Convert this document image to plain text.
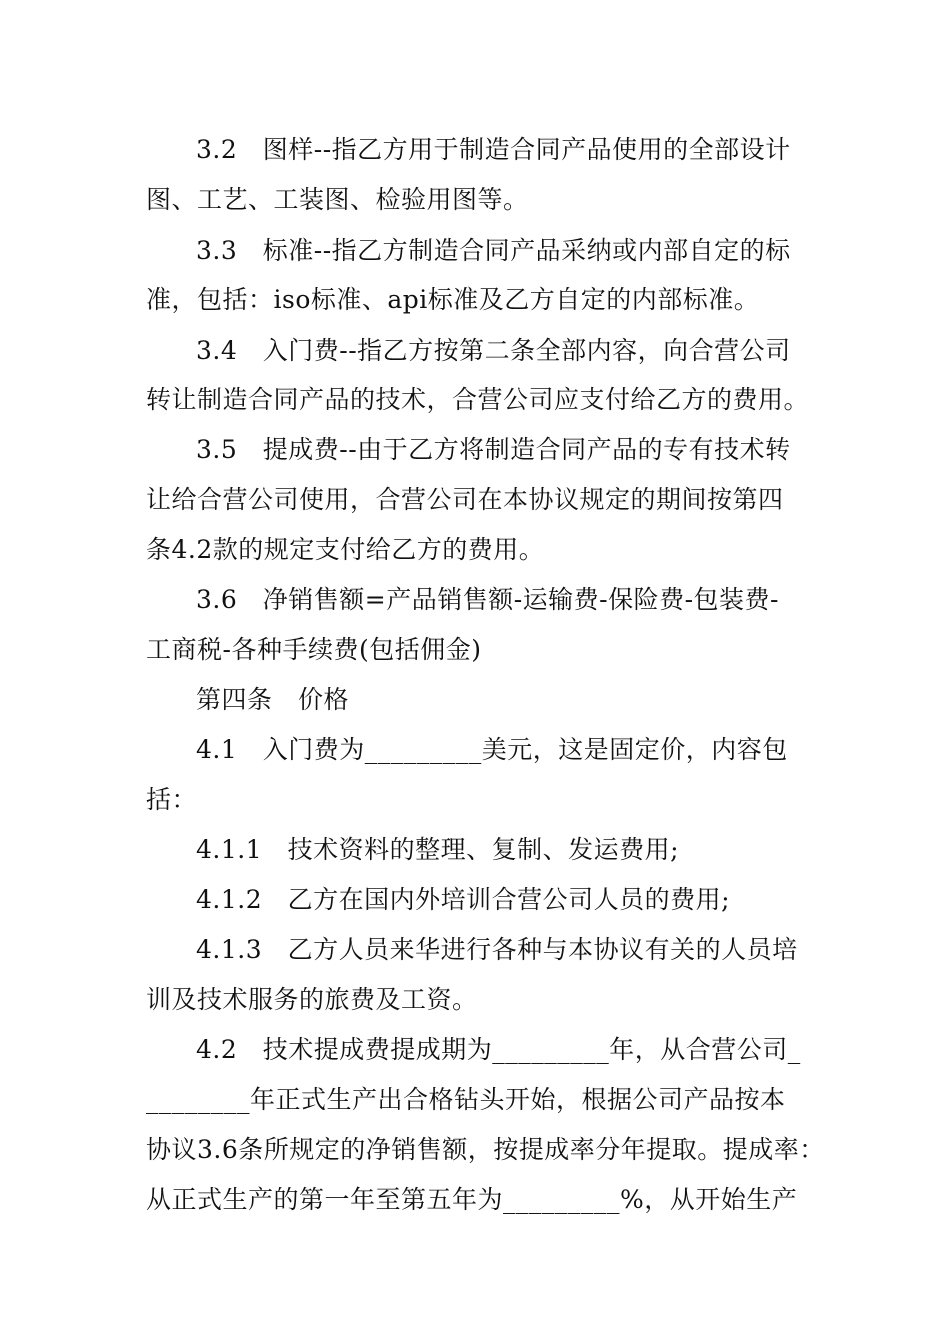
3.2　图样--指乙方用于制造合同产品使用的全部设计
图、工艺、工装图、检验用图等。
3.3　标准--指乙方制造合同产品采纳或内部自定的标
准，包括：iso标准、api标准及乙方自定的内部标准。
3.4　入门费--指乙方按第二条全部内容，向合营公司
转让制造合同产品的技术，合营公司应支付给乙方的费用。
3.5　提成费--由于乙方将制造合同产品的专有技术转
让给合营公司使用，合营公司在本协议规定的期间按第四
条4.2款的规定支付给乙方的费用。
3.6　净销售额=产品销售额-运输费-保险费-包装费-
工商税-各种手续费(包括佣金)
第四条　价格
4.1　入门费为_________美元，这是固定价，内容包
括：
4.1.1　技术资料的整理、复制、发运费用;
4.1.2　乙方在国内外培训合营公司人员的费用;
4.1.3　乙方人员来华进行各种与本协议有关的人员培
训及技术服务的旅费及工资。
4.2　技术提成费提成期为_________年，从合营公司_
________年正式生产出合格钻头开始，根据公司产品按本
协议3.6条所规定的净销售额，按提成率分年提取。提成率：
从正式生产的第一年至第五年为_________%，从开始生产
